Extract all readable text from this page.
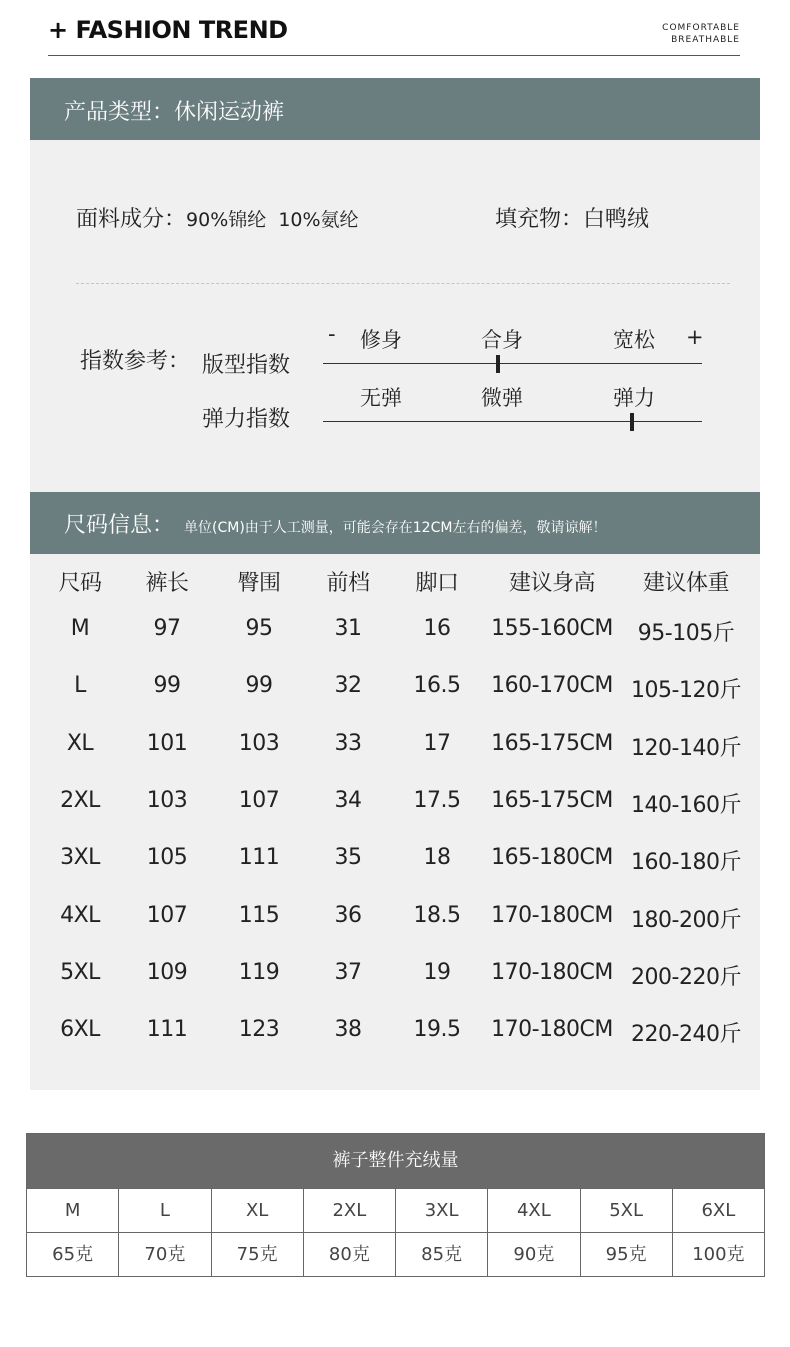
+ FASHION TREND	COMFORTABLE
BREATHABLE
产品类型：休闲运动裤
面料成分：90%锦纶  10%氨纶	填充物：白鸭绒
指数参考： 版型指数
弹力指数
- 修身	合身	宽松 +
无弹	微弹	弹力
尺码信息： 单位(CM)由于人工测量，可能会存在12CM左右的偏差，敬请谅解！
尺码 裤长 臀围 前档 脚口 建议身高 建议体重
M	97	95	31	16 155-160CM 95-105斤
L	99	99	32 16.5 160-170CM 105-120斤
XL 101 103	33	17 165-175CM 120-140斤
2XL 103 107	34 17.5 165-175CM 140-160斤
3XL 105 111	35	18 165-180CM 160-180斤
4XL 107 115	36 18.5 170-180CM 180-200斤
5XL 109 119	37	19 170-180CM 200-220斤
6XL 111 123	38 19.5 170-180CM 220-240斤
裤子整件充绒量
M	L	XL	2XL	3XL	4XL	5XL	6XL
65克	70克	75克	80克	85克	90克	95克	100克
